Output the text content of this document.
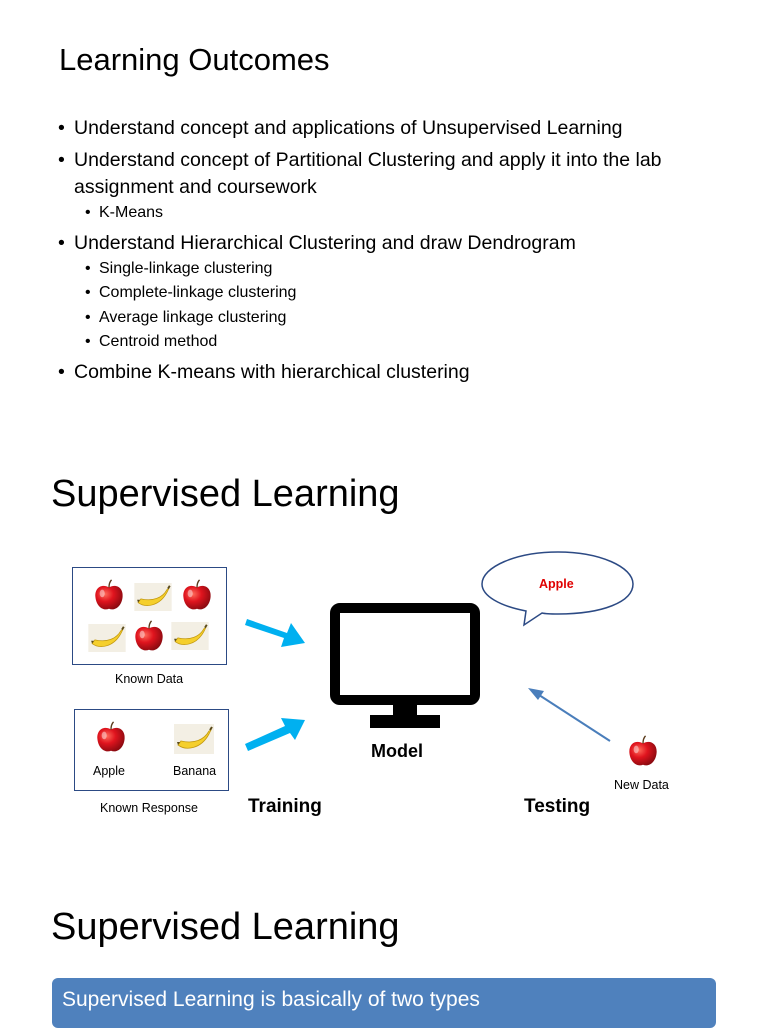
Learning Outcomes
• Understand concept and applications of Unsupervised Learning
• Understand concept of Partitional Clustering and apply it into the lab assignment and coursework
• K-Means
• Understand Hierarchical Clustering and draw Dendrogram
• Single-linkage clustering
• Complete-linkage clustering
• Average linkage clustering
• Centroid method
• Combine K-means with hierarchical clustering
Supervised Learning
Known Data
Apple	Banana
Known Response
Model
Training	Testing
Apple
New Data
Supervised Learning
Supervised Learning is basically of two types
